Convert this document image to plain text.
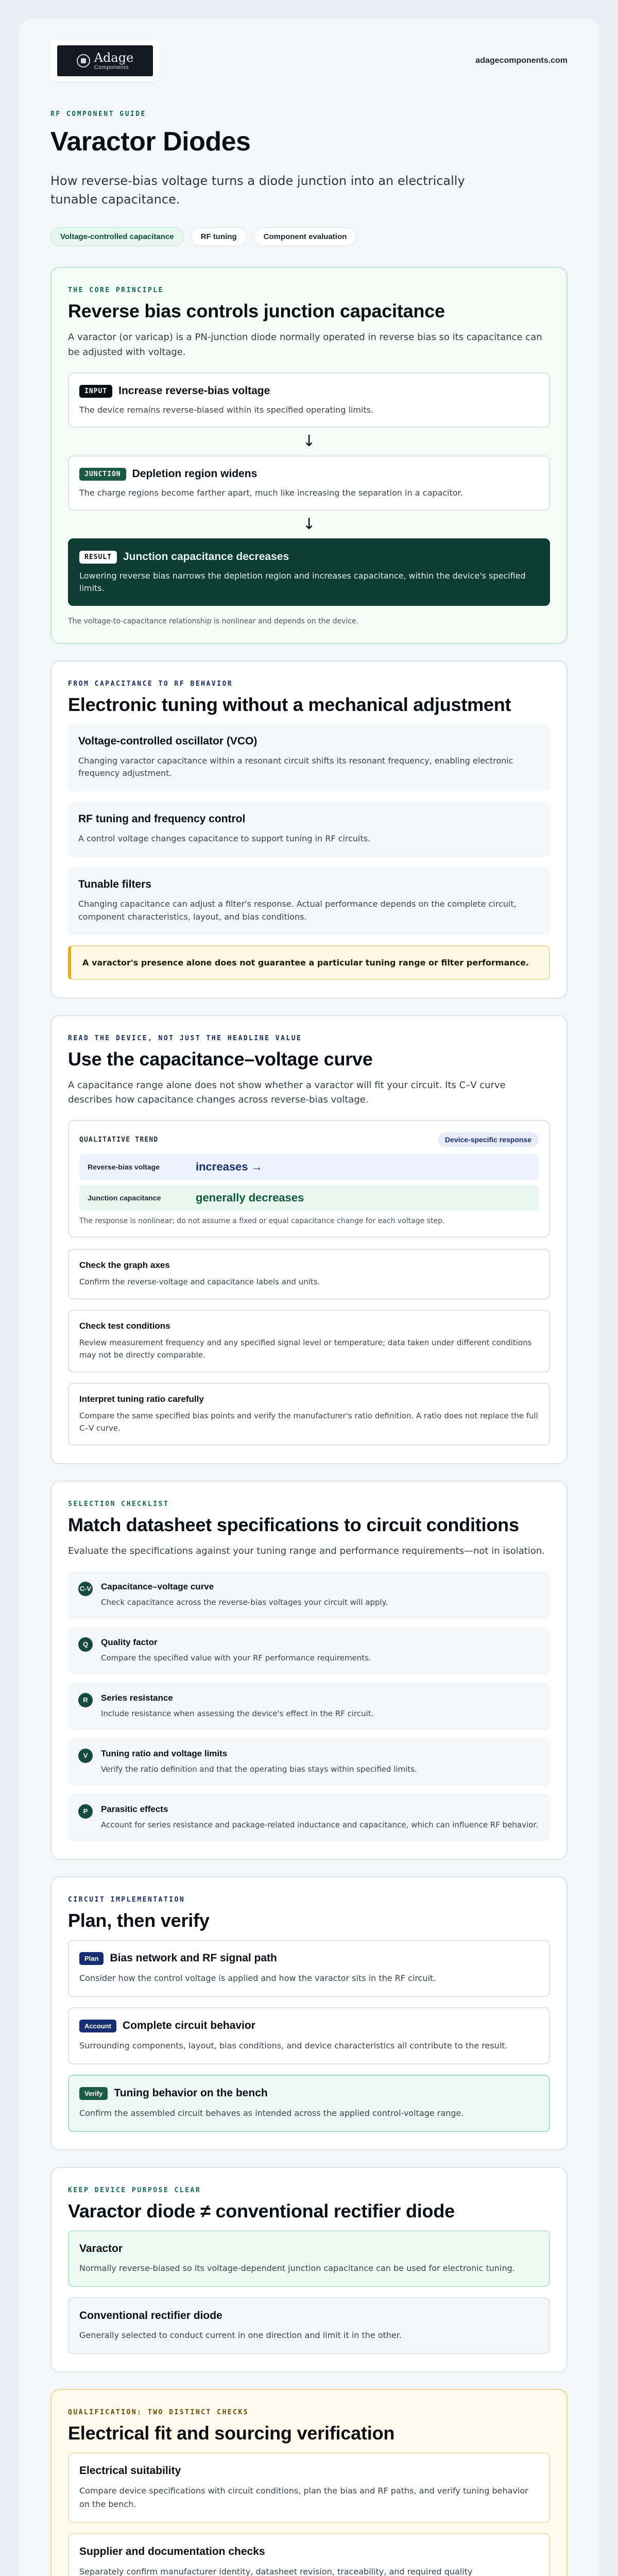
Adage
Components
adagecomponents.com
RF COMPONENT GUIDE
Varactor Diodes

How reverse-bias voltage turns a diode junction into an electrically tunable capacitance.

Voltage-controlled capacitance	RF tuning	Component evaluation
THE CORE PRINCIPLE
Reverse bias controls junction capacitance

A varactor (or varicap) is a PN-junction diode normally operated in reverse bias so its capacitance can be adjusted with voltage.

INPUT	Increase reverse-bias voltage

The device remains reverse-biased within its specified operating limits.

↓
JUNCTION	Depletion region widens

The charge regions become farther apart, much like increasing the separation in a capacitor.

↓
RESULT	Junction capacitance decreases

Lowering reverse bias narrows the depletion region and increases capacitance, within the device's specified limits.

The voltage-to-capacitance relationship is nonlinear and depends on the device.

FROM CAPACITANCE TO RF BEHAVIOR
Electronic tuning without a mechanical adjustment
Voltage-controlled oscillator (VCO)

Changing varactor capacitance within a resonant circuit shifts its resonant frequency, enabling electronic frequency adjustment.

RF tuning and frequency control

A control voltage changes capacitance to support tuning in RF circuits.

Tunable filters

Changing capacitance can adjust a filter's response. Actual performance depends on the complete circuit, component characteristics, layout, and bias conditions.

A varactor's presence alone does not guarantee a particular tuning range or filter performance.
READ THE DEVICE, NOT JUST THE HEADLINE VALUE
Use the capacitance–voltage curve

A capacitance range alone does not show whether a varactor will fit your circuit. Its C–V curve describes how capacitance changes across reverse-bias voltage.

QUALITATIVE TREND	Device-specific response
Reverse-bias voltage	increases →
Junction capacitance	generally decreases

The response is nonlinear; do not assume a fixed or equal capacitance change for each voltage step.

Check the graph axes

Confirm the reverse-voltage and capacitance labels and units.

Check test conditions

Review measurement frequency and any specified signal level or temperature; data taken under different conditions may not be directly comparable.

Interpret tuning ratio carefully

Compare the same specified bias points and verify the manufacturer's ratio definition. A ratio does not replace the full C–V curve.

SELECTION CHECKLIST
Match datasheet specifications to circuit conditions

Evaluate the specifications against your tuning range and performance requirements—not in isolation.

C-V Capacitance–voltage curve

Check capacitance across the reverse-bias voltages your circuit will apply.

Q	Quality factor

Compare the specified value with your RF performance requirements.

R	Series resistance

Include resistance when assessing the device's effect in the RF circuit.

V	Tuning ratio and voltage limits

Verify the ratio definition and that the operating bias stays within specified limits.

P	Parasitic effects

Account for series resistance and package-related inductance and capacitance, which can influence RF behavior.

CIRCUIT IMPLEMENTATION
Plan, then verify
Plan	Bias network and RF signal path

Consider how the control voltage is applied and how the varactor sits in the RF circuit.

Account	Complete circuit behavior

Surrounding components, layout, bias conditions, and device characteristics all contribute to the result.

Verify	Tuning behavior on the bench

Confirm the assembled circuit behaves as intended across the applied control-voltage range.

KEEP DEVICE PURPOSE CLEAR
Varactor diode ≠ conventional rectifier diode
Varactor

Normally reverse-biased so its voltage-dependent junction capacitance can be used for electronic tuning.

Conventional rectifier diode

Generally selected to conduct current in one direction and limit it in the other.

QUALIFICATION: TWO DISTINCT CHECKS
Electrical fit and sourcing verification
Electrical suitability

Compare device specifications with circuit conditions, plan the bias and RF paths, and verify tuning behavior on the bench.

Supplier and documentation checks

Separately confirm manufacturer identity, datasheet revision, traceability, and required quality
